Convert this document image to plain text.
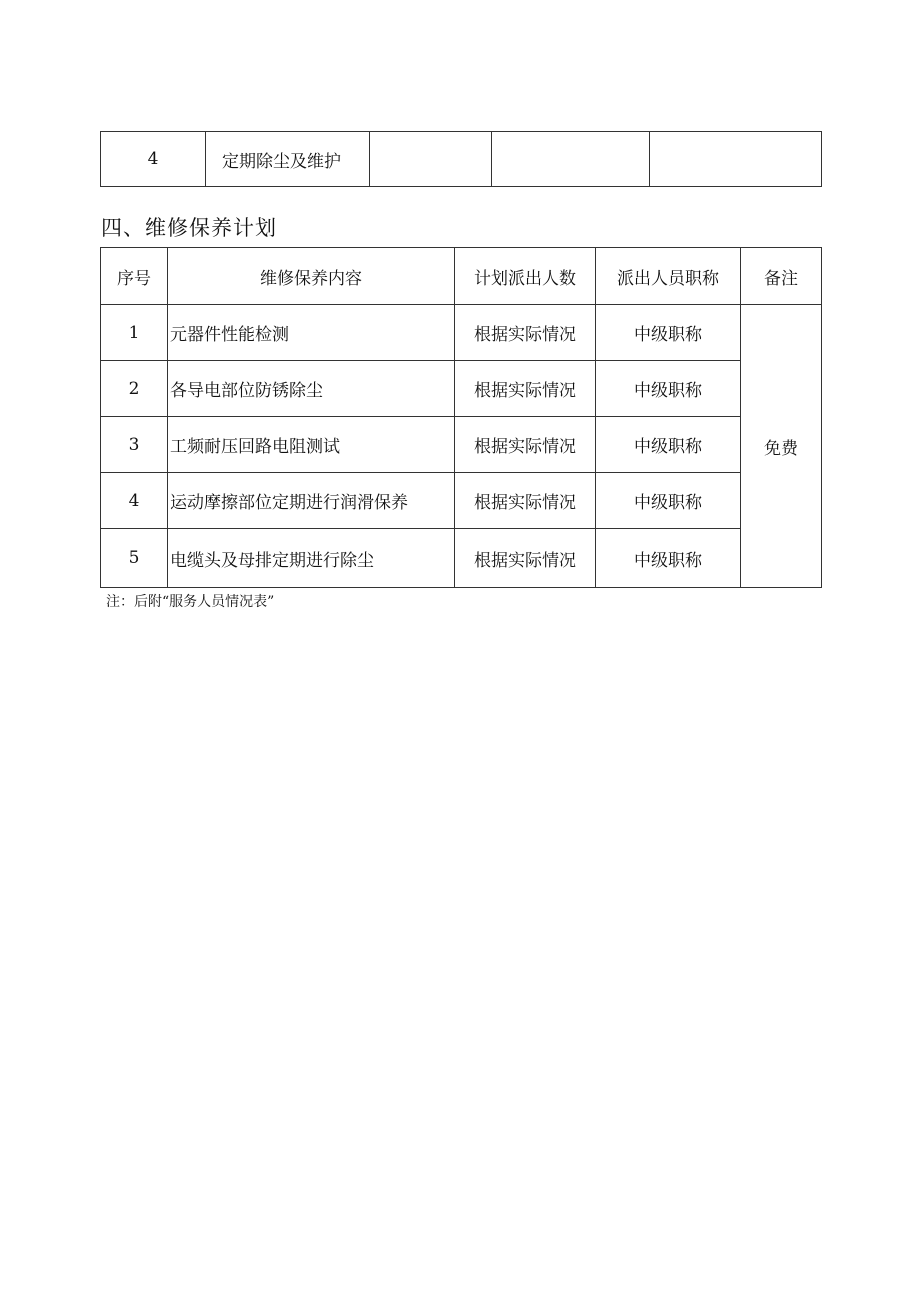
4	定期除尘及维护			
四、维修保养计划
序号	维修保养内容	计划派出人数	派出人员职称	备注
1	元器件性能检测	根据实际情况	中级职称	免费
2	各导电部位防锈除尘	根据实际情况	中级职称	
3	工频耐压回路电阻测试	根据实际情况	中级职称	
4	运动摩擦部位定期进行润滑保养	根据实际情况	中级职称	
5	电缆头及母排定期进行除尘	根据实际情况	中级职称	

注：后附“服务人员情况表”
